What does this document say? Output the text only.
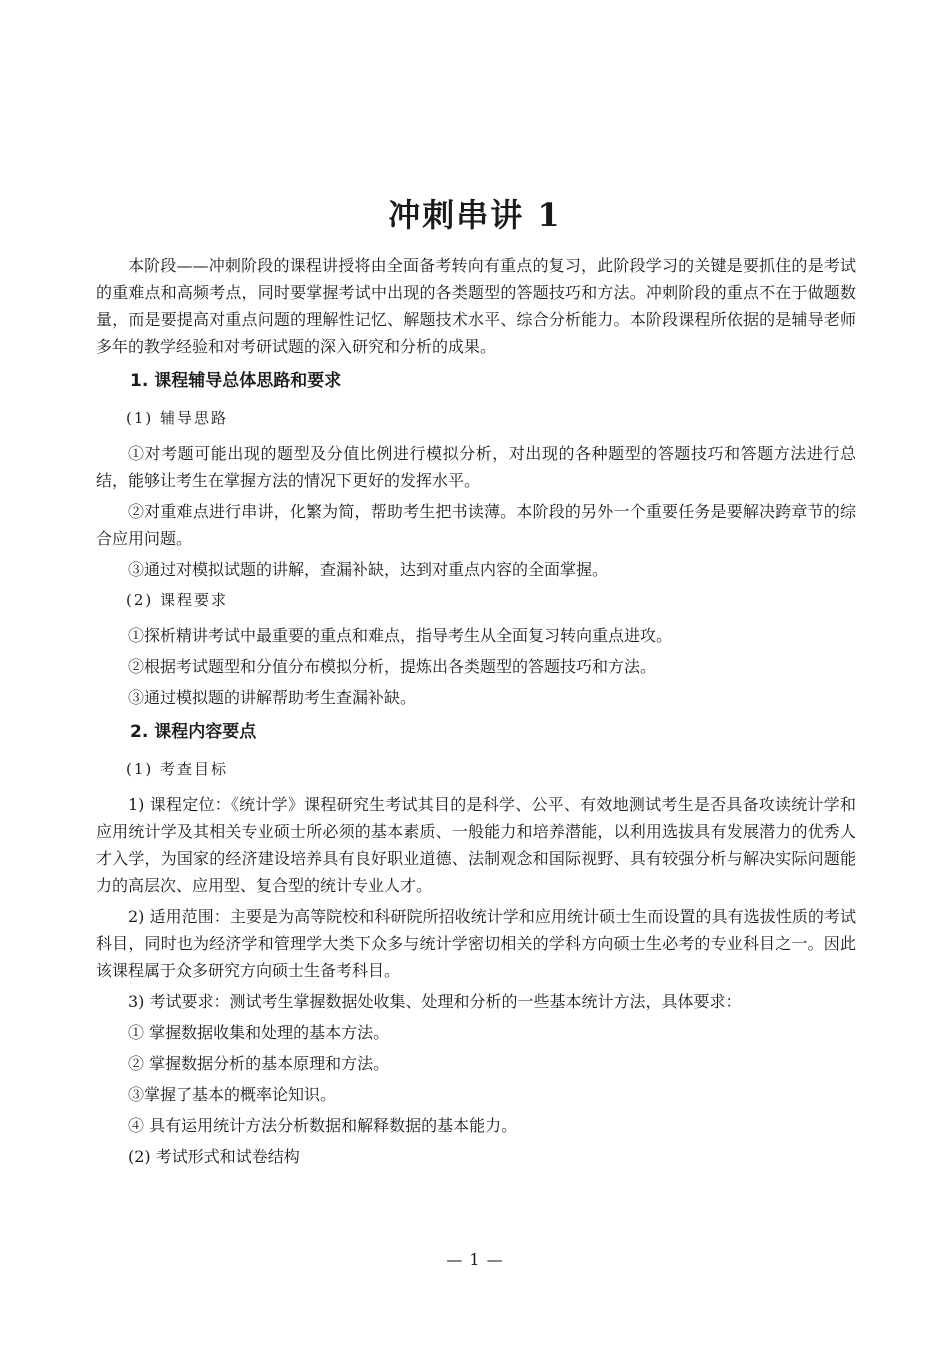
冲刺串讲 1

本阶段——冲刺阶段的课程讲授将由全面备考转向有重点的复习，此阶段学习的关键是要抓住的是考试的重难点和高频考点，同时要掌握考试中出现的各类题型的答题技巧和方法。冲刺阶段的重点不在于做题数量，而是要提高对重点问题的理解性记忆、解题技术水平、综合分析能力。本阶段课程所依据的是辅导老师多年的教学经验和对考研试题的深入研究和分析的成果。

1. 课程辅导总体思路和要求
(1) 辅导思路

①对考题可能出现的题型及分值比例进行模拟分析，对出现的各种题型的答题技巧和答题方法进行总结，能够让考生在掌握方法的情况下更好的发挥水平。

②对重难点进行串讲，化繁为简，帮助考生把书读薄。本阶段的另外一个重要任务是要解决跨章节的综合应用问题。

③通过对模拟试题的讲解，查漏补缺，达到对重点内容的全面掌握。

(2) 课程要求

①探析精讲考试中最重要的重点和难点，指导考生从全面复习转向重点进攻。

②根据考试题型和分值分布模拟分析，提炼出各类题型的答题技巧和方法。

③通过模拟题的讲解帮助考生查漏补缺。

2. 课程内容要点
(1) 考查目标

1) 课程定位：《统计学》课程研究生考试其目的是科学、公平、有效地测试考生是否具备攻读统计学和应用统计学及其相关专业硕士所必须的基本素质、一般能力和培养潜能，以利用选拔具有发展潜力的优秀人才入学，为国家的经济建设培养具有良好职业道德、法制观念和国际视野、具有较强分析与解决实际问题能力的高层次、应用型、复合型的统计专业人才。

2) 适用范围：主要是为高等院校和科研院所招收统计学和应用统计硕士生而设置的具有选拔性质的考试科目，同时也为经济学和管理学大类下众多与统计学密切相关的学科方向硕士生必考的专业科目之一。因此该课程属于众多研究方向硕士生备考科目。

3) 考试要求：测试考生掌握数据处收集、处理和分析的一些基本统计方法，具体要求：

① 掌握数据收集和处理的基本方法。

② 掌握数据分析的基本原理和方法。

③掌握了基本的概率论知识。

④ 具有运用统计方法分析数据和解释数据的基本能力。

(2) 考试形式和试卷结构

— 1 —
